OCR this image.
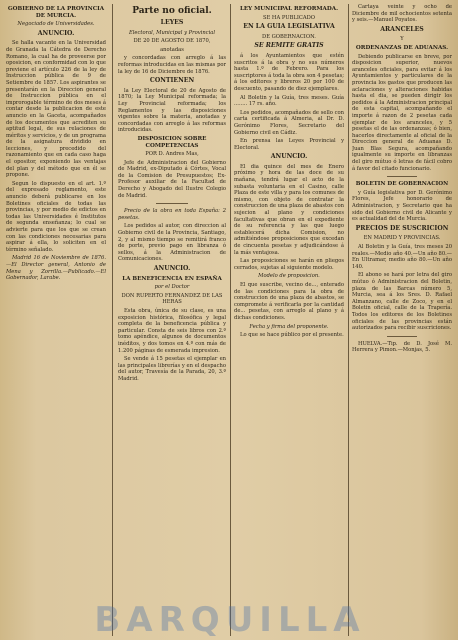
GOBIERNO DE LA PROVINCIA DE MURCIA.
Negociado de Universidades.
ANUNCIO.

Se halla vacante en la Universidad de Granada la Cátedra de Derecho Romano, la cual ha de proveerse por oposicion, en conformidad con lo que previene el artículo 226 de la ley de Instruccion pública de 9 de Setiembre de 1857. Los aspirantes se presentarán en la Direccion general de Instruccion pública en el improrogable término de dos meses á contar desde la publicacion de este anuncio en la Gaceta, acompañados de los documentos que acrediten su aptitud legal, de sus relaciones de méritos y servicios, y de un programa de la asignatura dividido en lecciones, y precedido del razonamiento que en cada caso haga el opositor, exponiendo las ventajas del plan y del método que en él se propone.

Segun lo dispuesto en el art. 1.º del expresado reglamento, este anuncio deberá publicarse en los Boletines oficiales de todas las provincias, y por medio de edictos en todas las Universidades é Institutos de segunda enseñanza; lo cual se advierte para que los que se crean con las condiciones necesarias para aspirar á ella, lo soliciten en el término señalado.

Madrid 16 de Noviembre de 1876.—El Director general, Antonio de Mena y Zorrilla.—Publicado.—El Gobernador, Larabe.

Parte no oficial.
LEYES
Electoral, Municipal y Provincial
DE 20 DE AGOSTO DE 1870,
anotadas

y concordadas con arreglo á las reformas introducidas en las mismas por la ley de 16 de Diciembre de 1876.

CONTIENEN

la Ley Electoral de 20 de Agosto de 1870; la Ley Municipal reformada; la Ley Provincial reformada; los Reglamentos y las disposiciones vigentes sobre la materia, anotadas y concordadas con arreglo á las reformas introducidas.

DISPOSICION SOBRE COMPETENCIAS
POR D. Andres Mas,

Jefe de Administracion del Gobierno de Madrid, ex-Diputado á Córtes, Vocal de la Comision de Presupuestos; Ex-Profesor auxiliar de la Facultad de Derecho y Abogado del Ilustre Colegio de Madrid.

Precio de la obra en toda España: 2 pesetas.

Los pedidos al autor, con direccion al Gobierno civil de la Provincia, Santiago, 2, y al mismo tiempo se remitirá franco de porte, previo pago en libranza ó sellos, á la Administracion de Comunicaciones.

ANUNCIO.
LA BENEFICENCIA EN ESPAÑA
por el Doctor
DON RUPERTO FERNANDEZ DE LAS HERAS

Esta obra, única de su clase, es una exposicion histórica, filosófica y legal completa de la beneficencia pública y particular. Consta de seis libros con 2.º tomo apéndice, algunos de documentos inéditos, y dos tomos en 4.º con más de 1.200 páginas de esmerada impresion.

Se vende á 15 pesetas el ejemplar en las principales librerías y en el despacho del autor, Travesía de la Parada, 20, 3.º Madrid.

LEY MUNICIPAL REFORMADA.
SE HA PUBLICADO
EN LA GUIA LEGISLATIVA
DE GOBERNACION.
SE REMITE GRATIS

á los Ayuntamientos que estén suscritos á la obra y no sus números hasta 1.º de Febrero. Para los suscriptores á toda la obra son 4 pesetas; á los editores y libreros 20 por 100 de descuento, pasando de diez ejemplares.

Al Boletin y la Guía, tres meses. Guía ........ 17 rs. año.

Los pedidos, acompañados de sello con carta certificada á Almeria, al Dr. D. Gerónimo Flores, Secretario del Gobierno civil en Cádiz.

En prensa las Leyes Provincial y Electoral.

ANUNCIO.

El dia quince del mes de Enero próximo y hora de las doce de su mañana, tendrá lugar el acto de la subasta voluntaria en el Casino, calle Plaza de este villa y para los comunes de mismo, con objeto de contratar la construccion de una plaza de abastos con sujecion al plano y condiciones facultativas que obran en el expediente de su referencia y las que luego establecerá dicha Comision, no admitiéndose proposiciones que excedan de cincuenta pesetas y adjudicándose á la más ventajosa.

Las proposiciones se harán en pliegos cerrados, sujetas al siguiente modelo.

Modelo de proposicion.

El que suscribe, vecino de..., enterado de las condiciones para la obra de construccion de una plaza de abastos, se compromete á verificarla por la cantidad de... pesetas, con arreglo al plano y á dichas condiciones.

Fecha y firma del proponente.

Lo que se hace público por el presente.

Cartaya veinte y ocho de Diciembre de mil ochocientos setenta y seis.—Manuel Poyatos.

ARANCELES
Y
ORDENANZAS DE ADUANAS.

Debiendo publicarse en breve, por disposicion superior, nuevos aranceles oficiales, para evitar á los Ayuntamientos y particulares de la provincia los gastos que producen las aclaraciones y alteraciones habidas hasta el dia, se pueden dirigir los pedidos á la Administracion principal de esta capital, acompañando el importe á razon de 2 pesetas cada ejemplar de los aranceles, y 5 pesetas el de las ordenanzas; ó bien, hacerlos directamente al oficial de la Direccion general de Aduanas D. Juan Blas Segura, acompañando igualmente su importe en libranzas del giro mútuo ó letras de fácil cobro á favor del citado funcionario.

BOLETIN DE GOBERNACION

y Guía legislativa por D. Gerónimo Flores, Jefe honorario de Administracion, y Secretario que ha sido del Gobierno civil de Alicante y es actualidad del de Murcia.

PRECIOS DE SUSCRICION
EN MADRID Y PROVINCIAS.

Al Boletin y la Guía, tres meses 20 reales.—Medio año 40.—Un año 80.—En Ultramar, medio año 80.—Un año 140.

El abono se hará por letra del giro mútuo ó Administracion del Boletin, plaza de las Barcas número 5, Murcia, sea á los Sres. D. Rafael Almanzano, calle de Zoco, y en el Boletin oficial, calle de la Trapería. Todos los editores de los Boletines oficiales de las provincias están autorizados para recibir suscriciones.

HUELVA.—Tip. de D. José M. Herrera y Pimon.—Monjas, 5.

BARQUILLA
